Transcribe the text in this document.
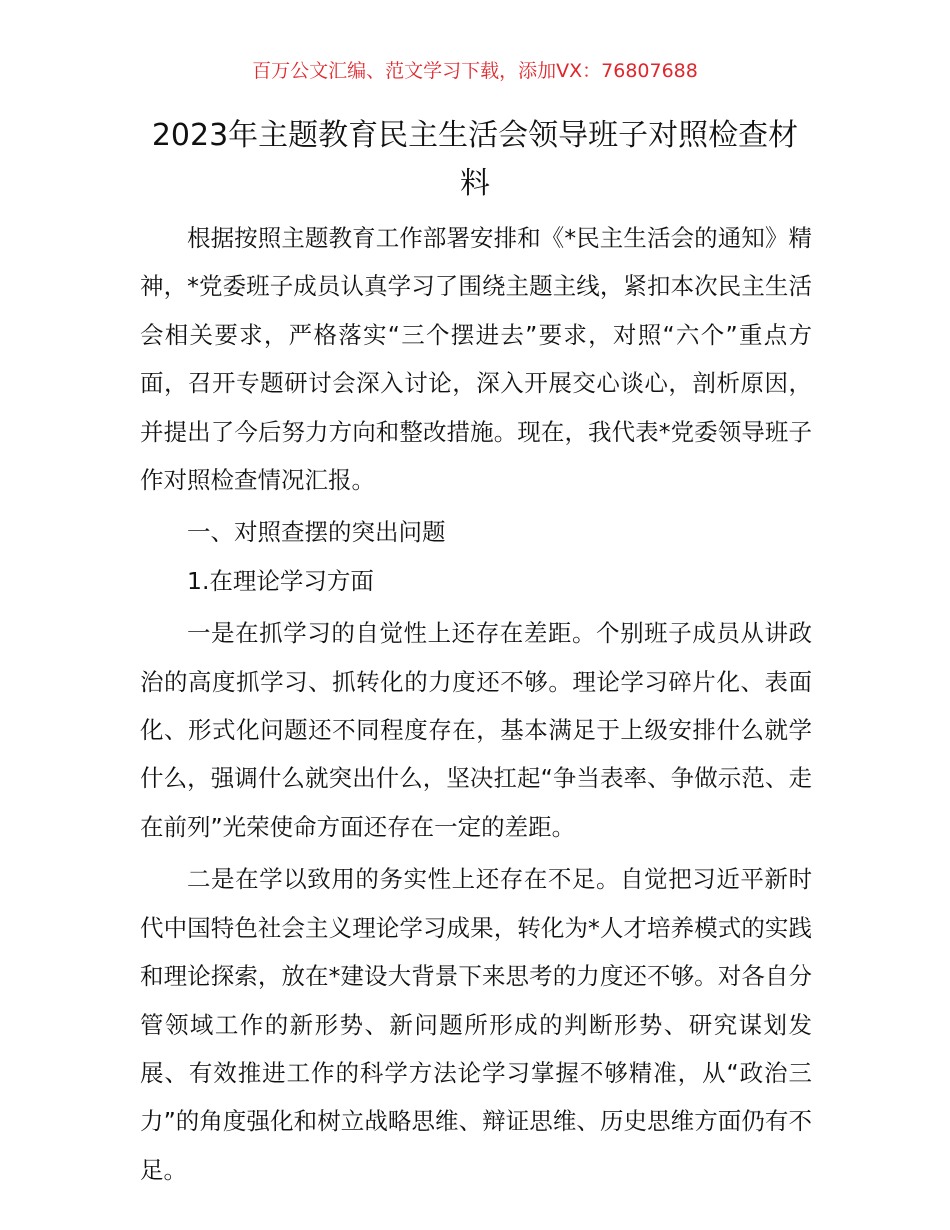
百万公文汇编、范文学习下载，添加VX：76807688
2023年主题教育民主生活会领导班子对照检查材料

根据按照主题教育工作部署安排和《*民主生活会的通知》精神，*党委班子成员认真学习了围绕主题主线，紧扣本次民主生活会相关要求，严格落实“三个摆进去”要求，对照“六个”重点方面，召开专题研讨会深入讨论，深入开展交心谈心，剖析原因，并提出了今后努力方向和整改措施。现在，我代表*党委领导班子作对照检查情况汇报。

一、对照查摆的突出问题

1.在理论学习方面

一是在抓学习的自觉性上还存在差距。个别班子成员从讲政治的高度抓学习、抓转化的力度还不够。理论学习碎片化、表面化、形式化问题还不同程度存在，基本满足于上级安排什么就学什么，强调什么就突出什么，坚决扛起“争当表率、争做示范、走在前列”光荣使命方面还存在一定的差距。

二是在学以致用的务实性上还存在不足。自觉把习近平新时代中国特色社会主义理论学习成果，转化为*人才培养模式的实践和理论探索，放在*建设大背景下来思考的力度还不够。对各自分管领域工作的新形势、新问题所形成的判断形势、研究谋划发展、有效推进工作的科学方法论学习掌握不够精准，从“政治三力”的角度强化和树立战略思维、辩证思维、历史思维方面仍有不足。
